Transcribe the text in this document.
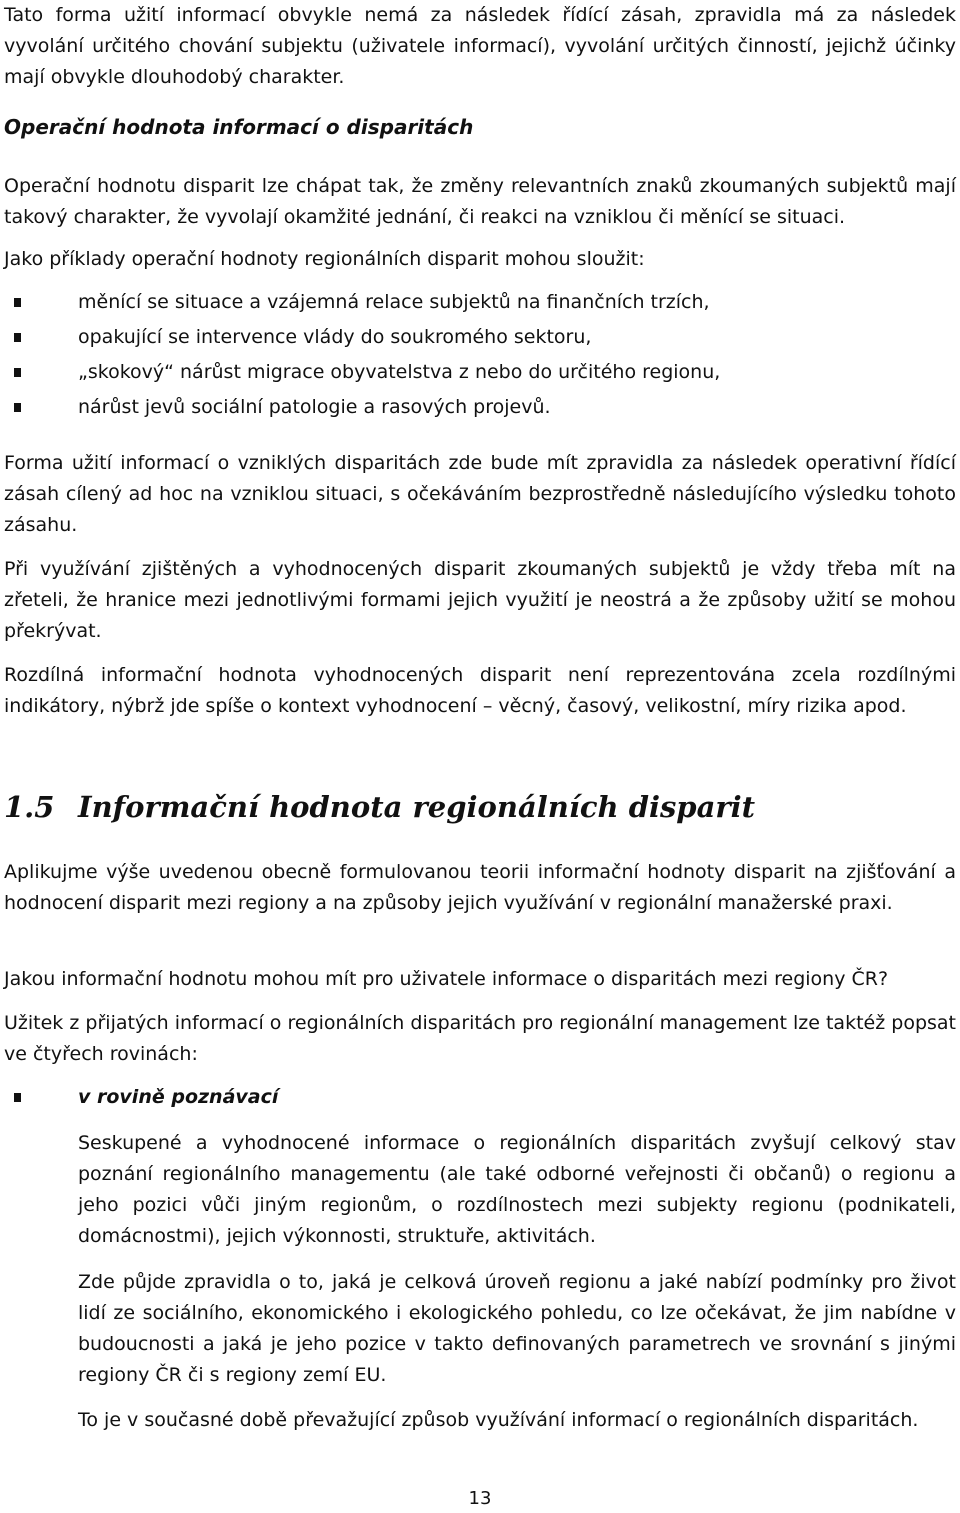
Tato forma užití informací obvykle nemá za následek řídící zásah, zpravidla má za následek vyvolání určitého chování subjektu (uživatele informací), vyvolání určitých činností, jejichž účinky mají obvykle dlouhodobý charakter.

Operační hodnota informací o disparitách

Operační hodnotu disparit lze chápat tak, že změny relevantních znaků zkoumaných subjektů mají takový charakter, že vyvolají okamžité jednání, či reakci na vzniklou či měnící se situaci.

Jako příklady operační hodnoty regionálních disparit mohou sloužit:

měnící se situace a vzájemná relace subjektů na finančních trzích,
opakující se intervence vlády do soukromého sektoru,
„skokový“ nárůst migrace obyvatelstva z nebo do určitého regionu,
nárůst jevů sociální patologie a rasových projevů.

Forma užití informací o vzniklých disparitách zde bude mít zpravidla za následek operativní řídící zásah cílený ad hoc na vzniklou situaci, s očekáváním bezprostředně následujícího výsledku tohoto zásahu.

Při využívání zjištěných a vyhodnocených disparit zkoumaných subjektů je vždy třeba mít na zřeteli, že hranice mezi jednotlivými formami jejich využití je neostrá a že způsoby užití se mohou překrývat.

Rozdílná informační hodnota vyhodnocených disparit není reprezentována zcela rozdílnými indikátory, nýbrž jde spíše o kontext vyhodnocení – věcný, časový, velikostní, míry rizika apod.

1.5 Informační hodnota regionálních disparit

Aplikujme výše uvedenou obecně formulovanou teorii informační hodnoty disparit na zjišťování a hodnocení disparit mezi regiony a na způsoby jejich využívání v regionální manažerské praxi.

Jakou informační hodnotu mohou mít pro uživatele informace o disparitách mezi regiony ČR?

Užitek z přijatých informací o regionálních disparitách pro regionální management lze taktéž popsat ve čtyřech rovinách:

v rovině poznávací

Seskupené a vyhodnocené informace o regionálních disparitách zvyšují celkový stav poznání regionálního managementu (ale také odborné veřejnosti či občanů) o regionu a jeho pozici vůči jiným regionům, o rozdílnostech mezi subjekty regionu (podnikateli, domácnostmi), jejich výkonnosti, struktuře, aktivitách.

Zde půjde zpravidla o to, jaká je celková úroveň regionu a jaké nabízí podmínky pro život lidí ze sociálního, ekonomického i ekologického pohledu, co lze očekávat, že jim nabídne v budoucnosti a jaká je jeho pozice v takto definovaných parametrech ve srovnání s jinými regiony ČR či s regiony zemí EU.

To je v současné době převažující způsob využívání informací o regionálních disparitách.

13
